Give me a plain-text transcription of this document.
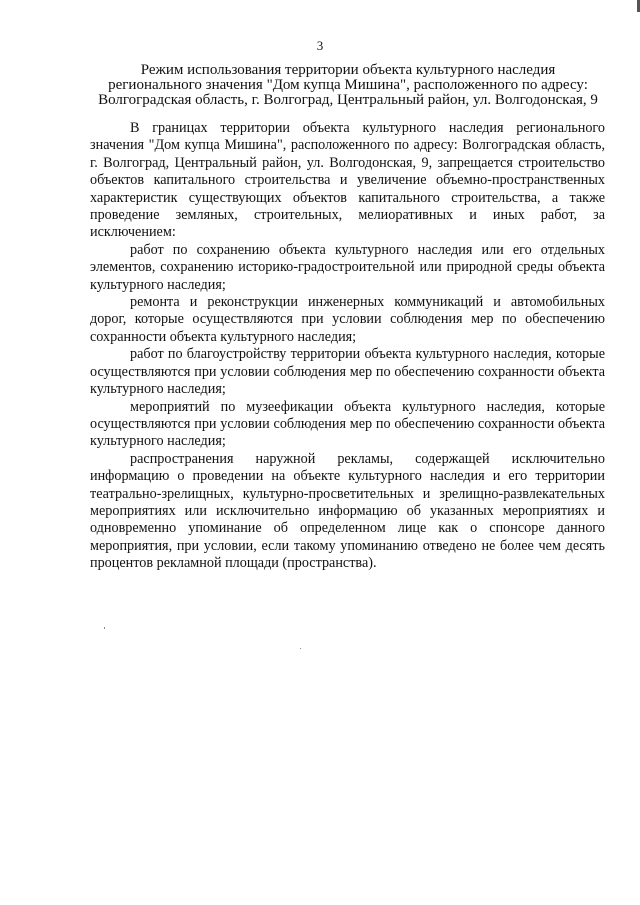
3
Режим использования территории объекта культурного наследия
регионального значения "Дом купца Мишина", расположенного по адресу:
Волгоградская область, г. Волгоград, Центральный район, ул. Волгодонская, 9

В границах территории объекта культурного наследия регионального значения "Дом купца Мишина", расположенного по адресу: Волгоградская область, г. Волгоград, Центральный район, ул. Волгодонская, 9, запрещается строительство объектов капитального строительства и увеличение объемно-пространственных характеристик существующих объектов капитального строительства, а также проведение земляных, строительных, мелиоративных и иных работ, за исключением:

работ по сохранению объекта культурного наследия или его отдельных элементов, сохранению историко-градостроительной или природной среды объекта культурного наследия;

ремонта и реконструкции инженерных коммуникаций и автомобильных дорог, которые осуществляются при условии соблюдения мер по обеспечению сохранности объекта культурного наследия;

работ по благоустройству территории объекта культурного наследия, которые осуществляются при условии соблюдения мер по обеспечению сохранности объекта культурного наследия;

мероприятий по музеефикации объекта культурного наследия, которые осуществляются при условии соблюдения мер по обеспечению сохранности объекта культурного наследия;

распространения наружной рекламы, содержащей исключительно информацию о проведении на объекте культурного наследия и его территории театрально-зрелищных, культурно-просветительных и зрелищно-развлекательных мероприятиях или исключительно информацию об указанных мероприятиях и одновременно упоминание об определенном лице как о спонсоре данного мероприятия, при условии, если такому упоминанию отведено не более чем десять процентов рекламной площади (пространства).
